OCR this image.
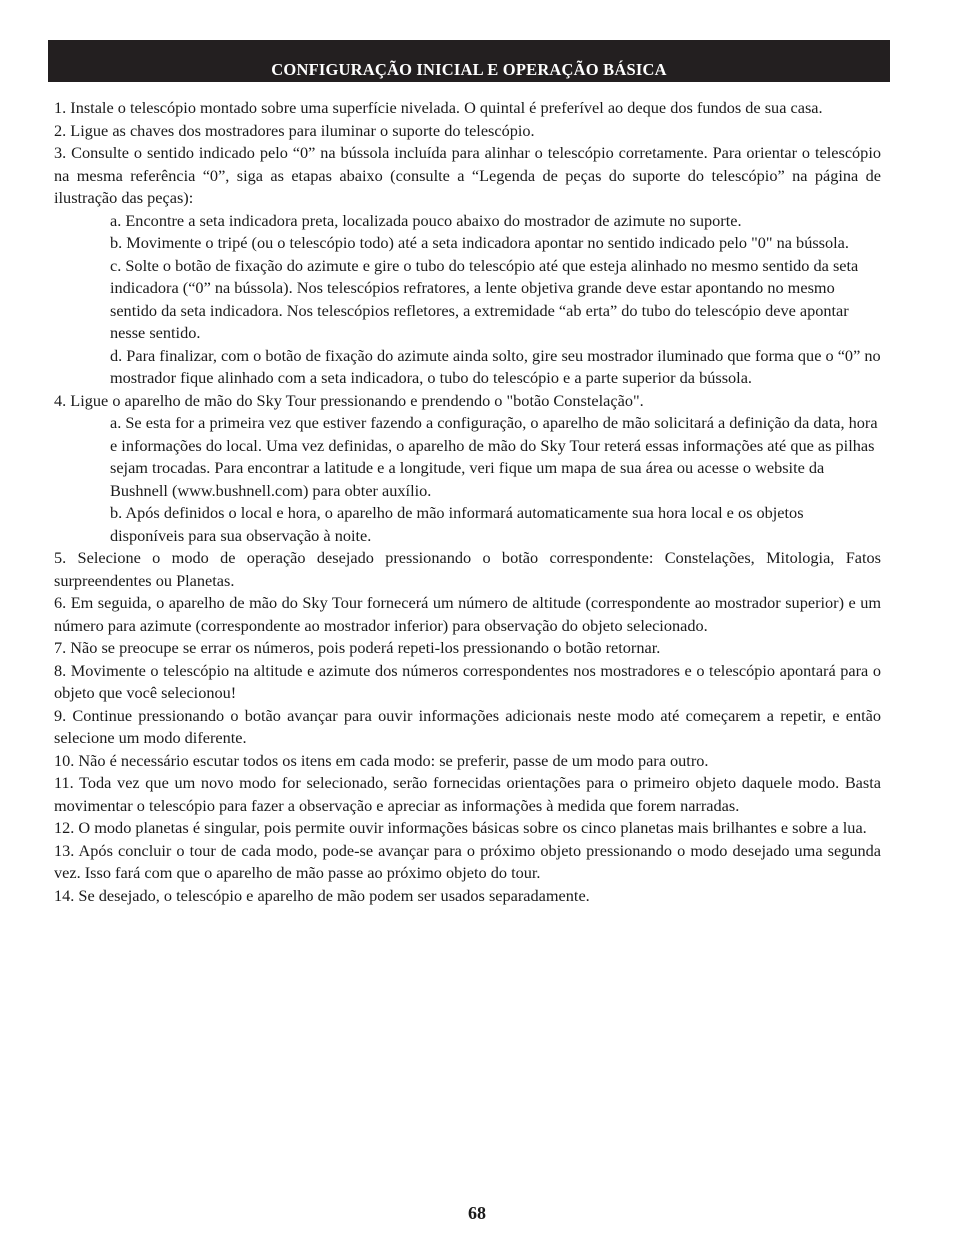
CONFIGURAÇÃO INICIAL E OPERAÇÃO BÁSICA

1. Instale o telescópio montado sobre uma superfície nivelada. O quintal é preferível ao deque dos fundos de sua casa.

2. Ligue as chaves dos mostradores para iluminar o suporte do telescópio.

3. Consulte o sentido indicado pelo “0” na bússola incluída para alinhar o telescópio corretamente. Para orientar o telescópio na mesma referência “0”, siga as etapas abaixo (consulte a “Legenda de peças do suporte do telescópio” na página de ilustração das peças):

a. Encontre a seta indicadora preta, localizada pouco abaixo do mostrador de azimute no suporte.

b. Movimente o tripé (ou o telescópio todo) até a seta indicadora apontar no sentido indicado pelo "0" na bússola.

c. Solte o botão de fixação do azimute e gire o tubo do telescópio até que esteja alinhado no mesmo sentido da seta indicadora (“0” na bússola). Nos telescópios refratores, a lente objetiva grande deve estar apontando no mesmo sentido da seta indicadora. Nos telescópios refletores, a extremidade “ab erta” do tubo do telescópio deve apontar nesse sentido.

d. Para finalizar, com o botão de fixação do azimute ainda solto, gire seu mostrador iluminado que forma que o “0” no mostrador fique alinhado com a seta indicadora, o tubo do telescópio e a parte superior da bússola.

4. Ligue o aparelho de mão do Sky Tour pressionando e prendendo o "botão Constelação".

a. Se esta for a primeira vez que estiver fazendo a configuração, o aparelho de mão solicitará a definição da data, hora e informações do local. Uma vez definidas, o aparelho de mão do Sky Tour reterá essas informações até que as pilhas sejam trocadas. Para encontrar a latitude e a longitude, veri fique um mapa de sua área ou acesse o website da Bushnell (www.bushnell.com) para obter auxílio.

b. Após definidos o local e hora, o aparelho de mão informará automaticamente sua hora local e os objetos disponíveis para sua observação à noite.

5. Selecione o modo de operação desejado pressionando o botão correspondente: Constelações, Mitologia, Fatos surpreendentes ou Planetas.

6. Em seguida, o aparelho de mão do Sky Tour fornecerá um número de altitude (correspondente ao mostrador superior) e um número para azimute (correspondente ao mostrador inferior) para observação do objeto selecionado.

7. Não se preocupe se errar os números, pois poderá repeti-los pressionando o botão retornar.

8. Movimente o telescópio na altitude e azimute dos números correspondentes nos mostradores e o telescópio apontará para o objeto que você selecionou!

9. Continue pressionando o botão avançar para ouvir informações adicionais neste modo até começarem a repetir, e então selecione um modo diferente.

10. Não é necessário escutar todos os itens em cada modo: se preferir, passe de um modo para outro.

11. Toda vez que um novo modo for selecionado, serão fornecidas orientações para o primeiro objeto daquele modo. Basta movimentar o telescópio para fazer a observação e apreciar as informações à medida que forem narradas.

12. O modo planetas é singular, pois permite ouvir informações básicas sobre os cinco planetas mais brilhantes e sobre a lua.

13. Após concluir o tour de cada modo, pode-se avançar para o próximo objeto pressionando o modo desejado uma segunda vez. Isso fará com que o aparelho de mão passe ao próximo objeto do tour.

14. Se desejado, o telescópio e aparelho de mão podem ser usados separadamente.

68
